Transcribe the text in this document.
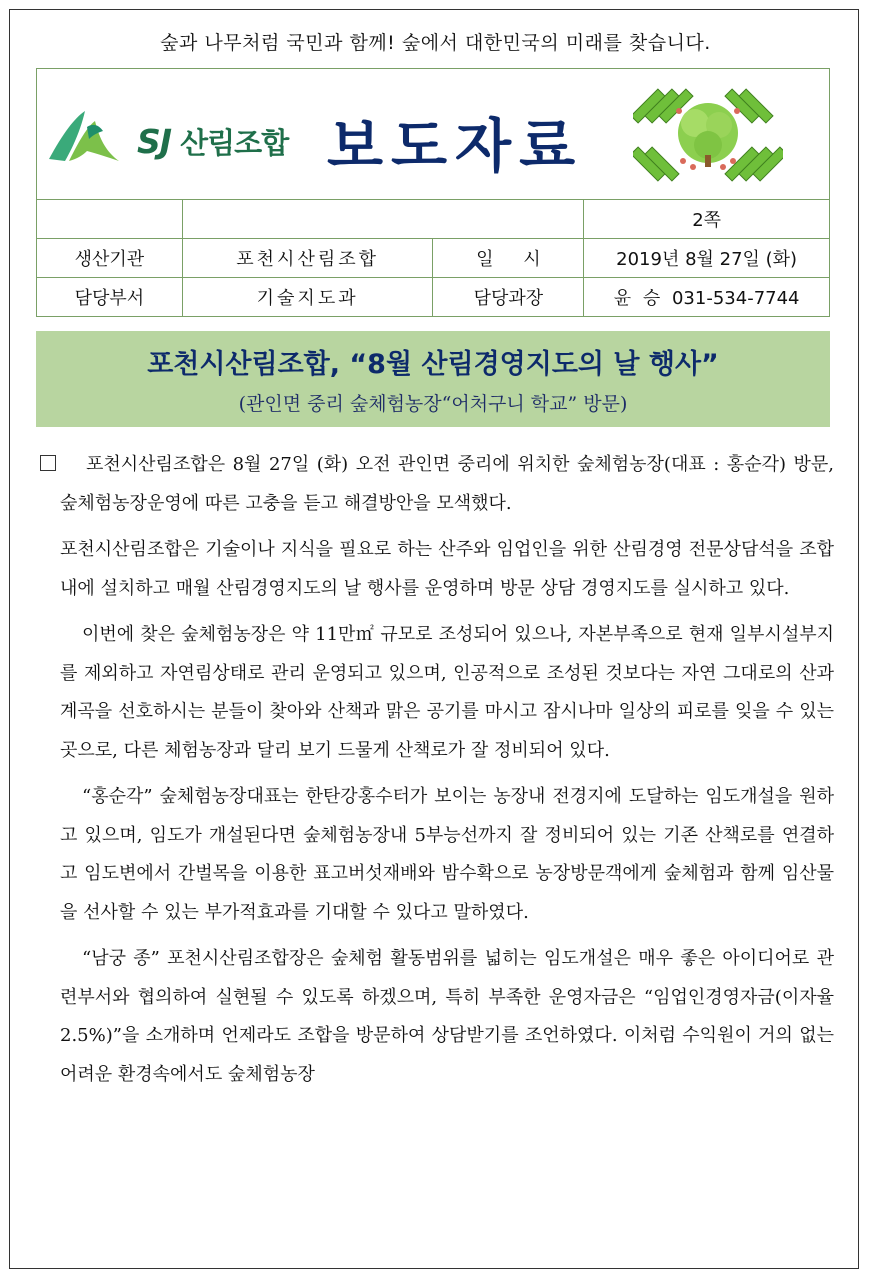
숲과 나무처럼 국민과 함께! 숲에서 대한민국의 미래를 찾습니다.
SJ 산림조합 보도자료
			2쪽
생산기관	포천시산림조합	일 시	2019년 8월 27일 (화)
담당부서	기술지도과	담당과장	윤 승 031-534-7744
포천시산림조합, “8월 산림경영지도의 날 행사”
(관인면 중리 숲체험농장“어처구니 학교” 방문)

포천시산림조합은 8월 27일 (화) 오전 관인면 중리에 위치한 숲체험농장(대표 : 홍순각) 방문, 숲체험농장운영에 따른 고충을 듣고 해결방안을 모색했다.

포천시산림조합은 기술이나 지식을 필요로 하는 산주와 임업인을 위한 산림경영 전문상담석을 조합내에 설치하고 매월 산림경영지도의 날 행사를 운영하며 방문 상담 경영지도를 실시하고 있다.

이번에 찾은 숲체험농장은 약 11만㎡ 규모로 조성되어 있으나, 자본부족으로 현재 일부시설부지를 제외하고 자연림상태로 관리 운영되고 있으며, 인공적으로 조성된 것보다는 자연 그대로의 산과 계곡을 선호하시는 분들이 찾아와 산책과 맑은 공기를 마시고 잠시나마 일상의 피로를 잊을 수 있는 곳으로, 다른 체험농장과 달리 보기 드물게 산책로가 잘 정비되어 있다.

“홍순각” 숲체험농장대표는 한탄강홍수터가 보이는 농장내 전경지에 도달하는 임도개설을 원하고 있으며, 임도가 개설된다면 숲체험농장내 5부능선까지 잘 정비되어 있는 기존 산책로를 연결하고 임도변에서 간벌목을 이용한 표고버섯재배와 밤수확으로 농장방문객에게 숲체험과 함께 임산물을 선사할 수 있는 부가적효과를 기대할 수 있다고 말하였다.

“남궁 종” 포천시산림조합장은 숲체험 활동범위를 넓히는 임도개설은 매우 좋은 아이디어로 관련부서와 협의하여 실현될 수 있도록 하겠으며, 특히 부족한 운영자금은 “임업인경영자금(이자율 2.5%)”을 소개하며 언제라도 조합을 방문하여 상담받기를 조언하였다. 이처럼 수익원이 거의 없는 어려운 환경속에서도 숲체험농장
